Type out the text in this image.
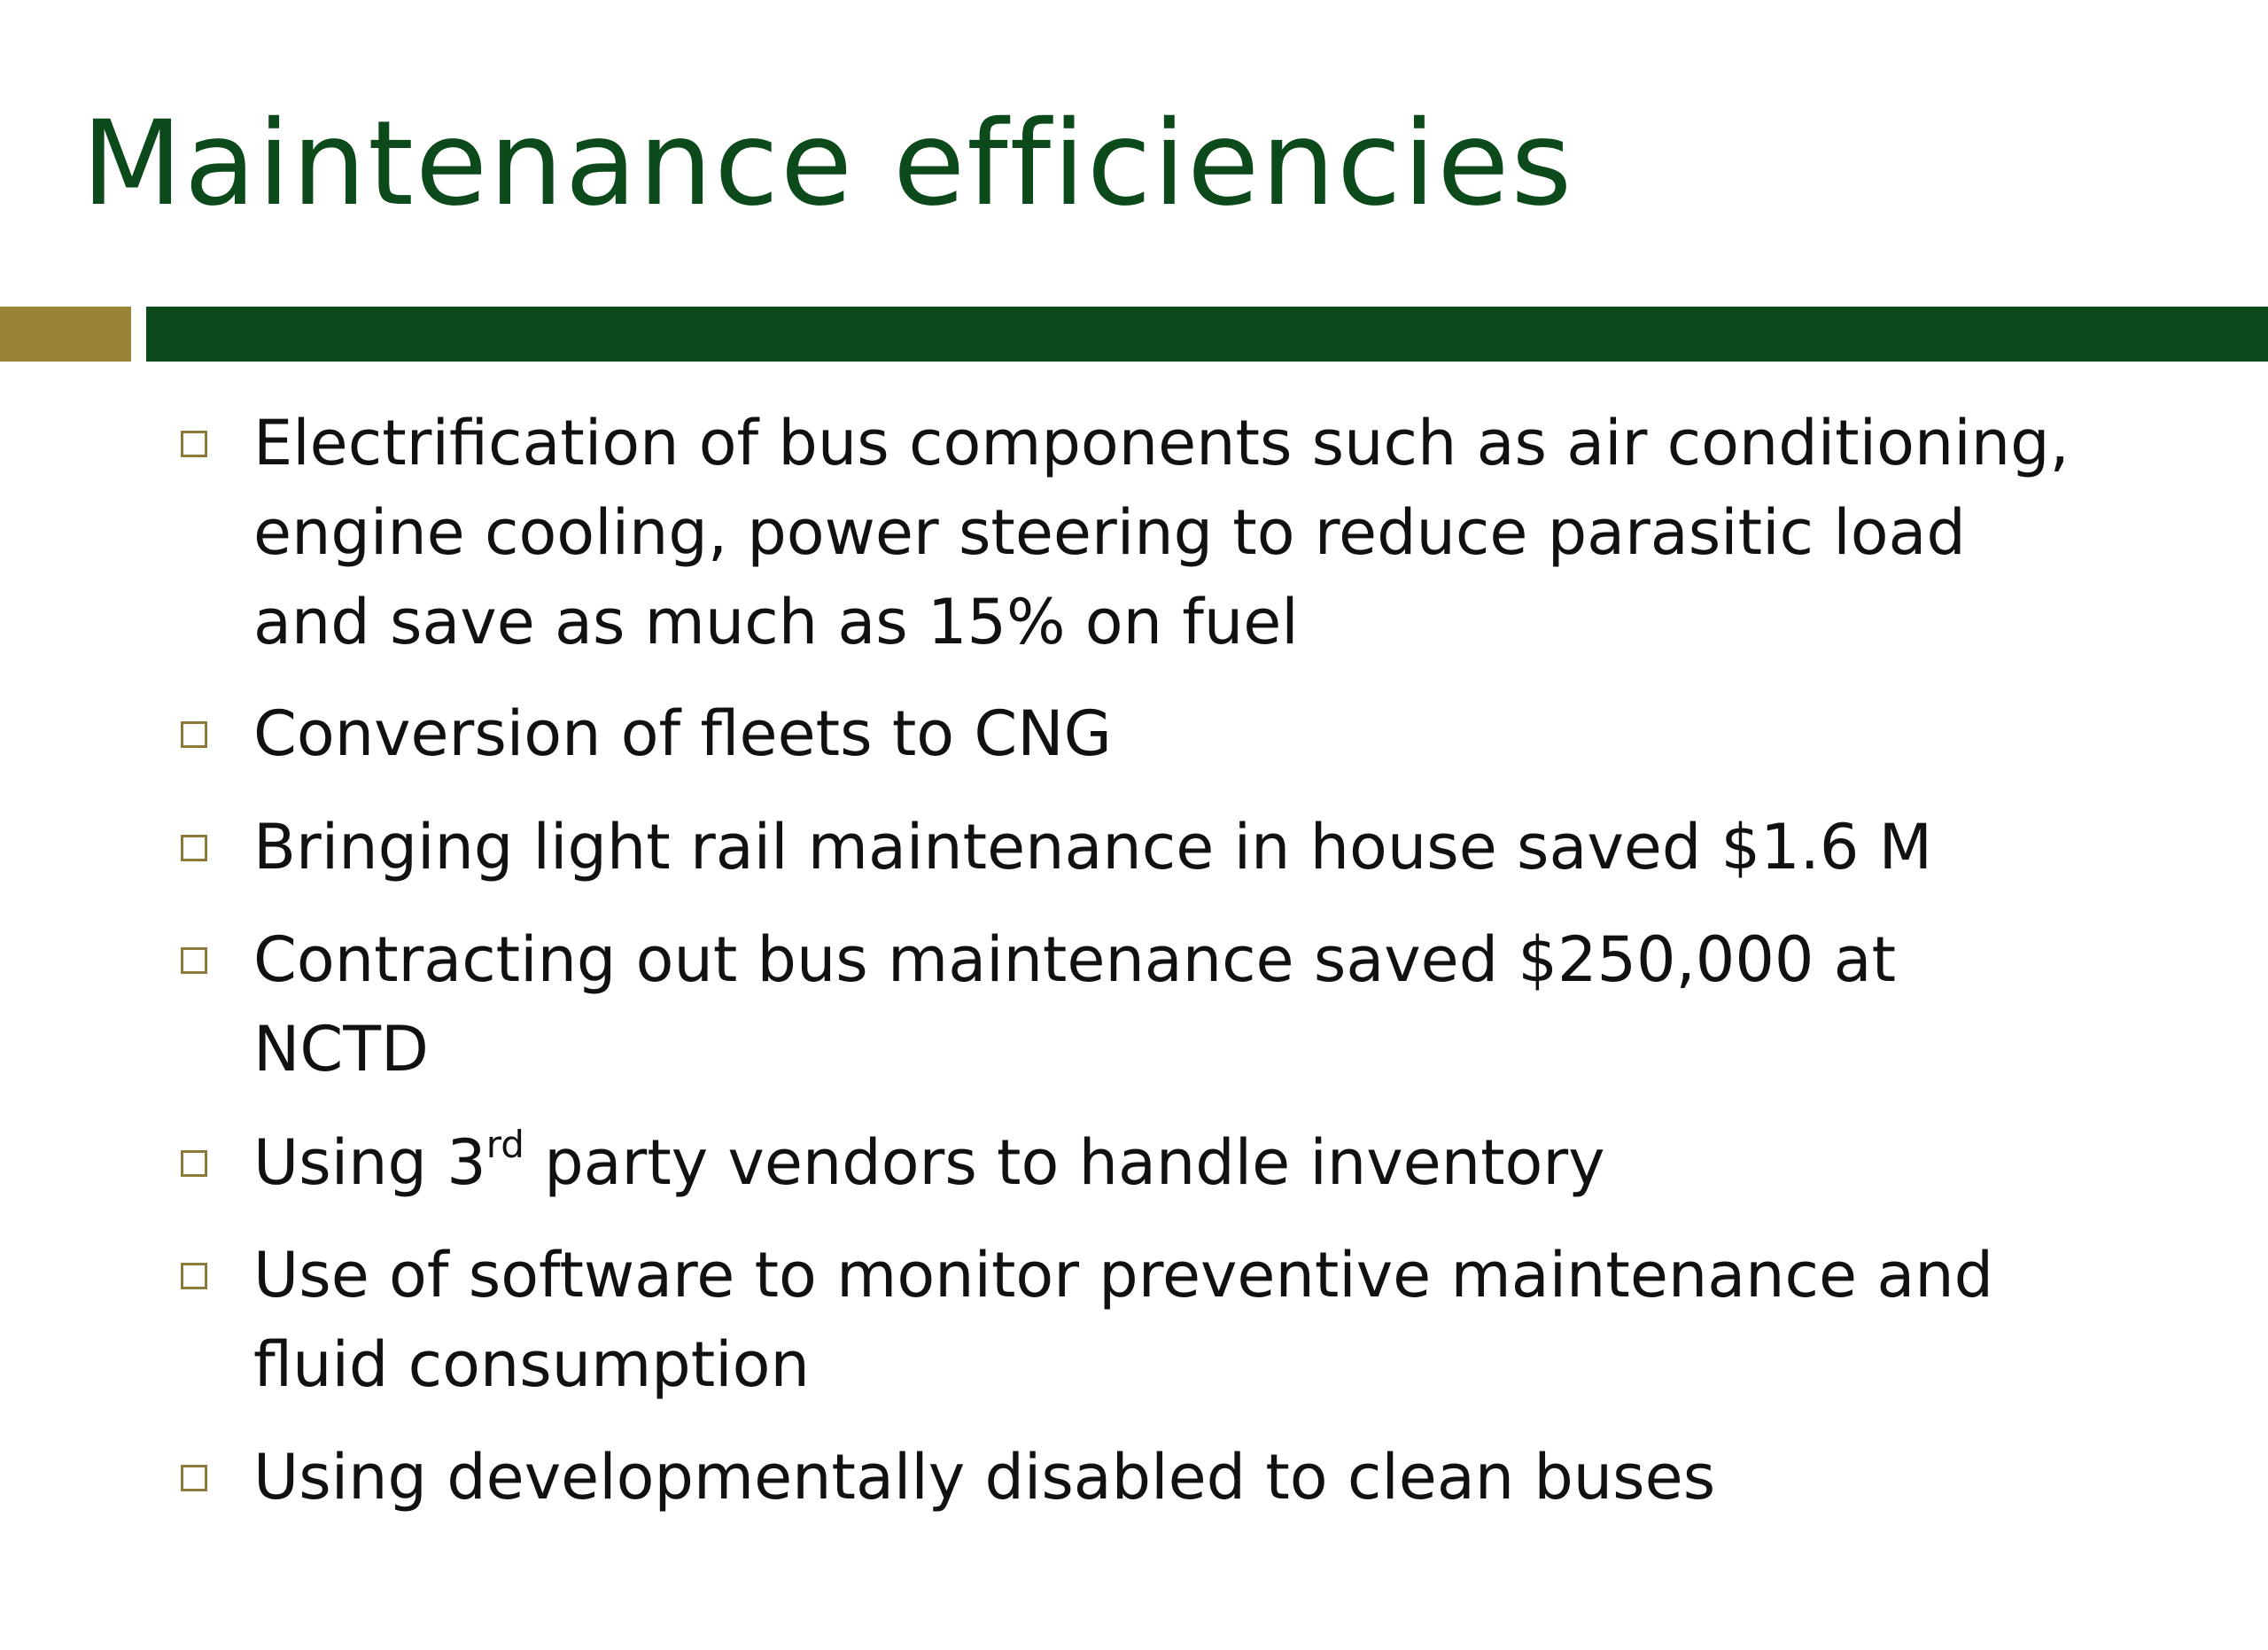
Maintenance efficiencies
Electrification of bus components such as air conditioning,
engine cooling, power steering to reduce parasitic load
and save as much as 15% on fuel
Conversion of fleets to CNG
Bringing light rail maintenance in house saved $1.6 M
Contracting out bus maintenance saved $250,000 at
NCTD
Using 3rd party vendors to handle inventory
Use of software to monitor preventive maintenance and
fluid consumption
Using developmentally disabled to clean buses
